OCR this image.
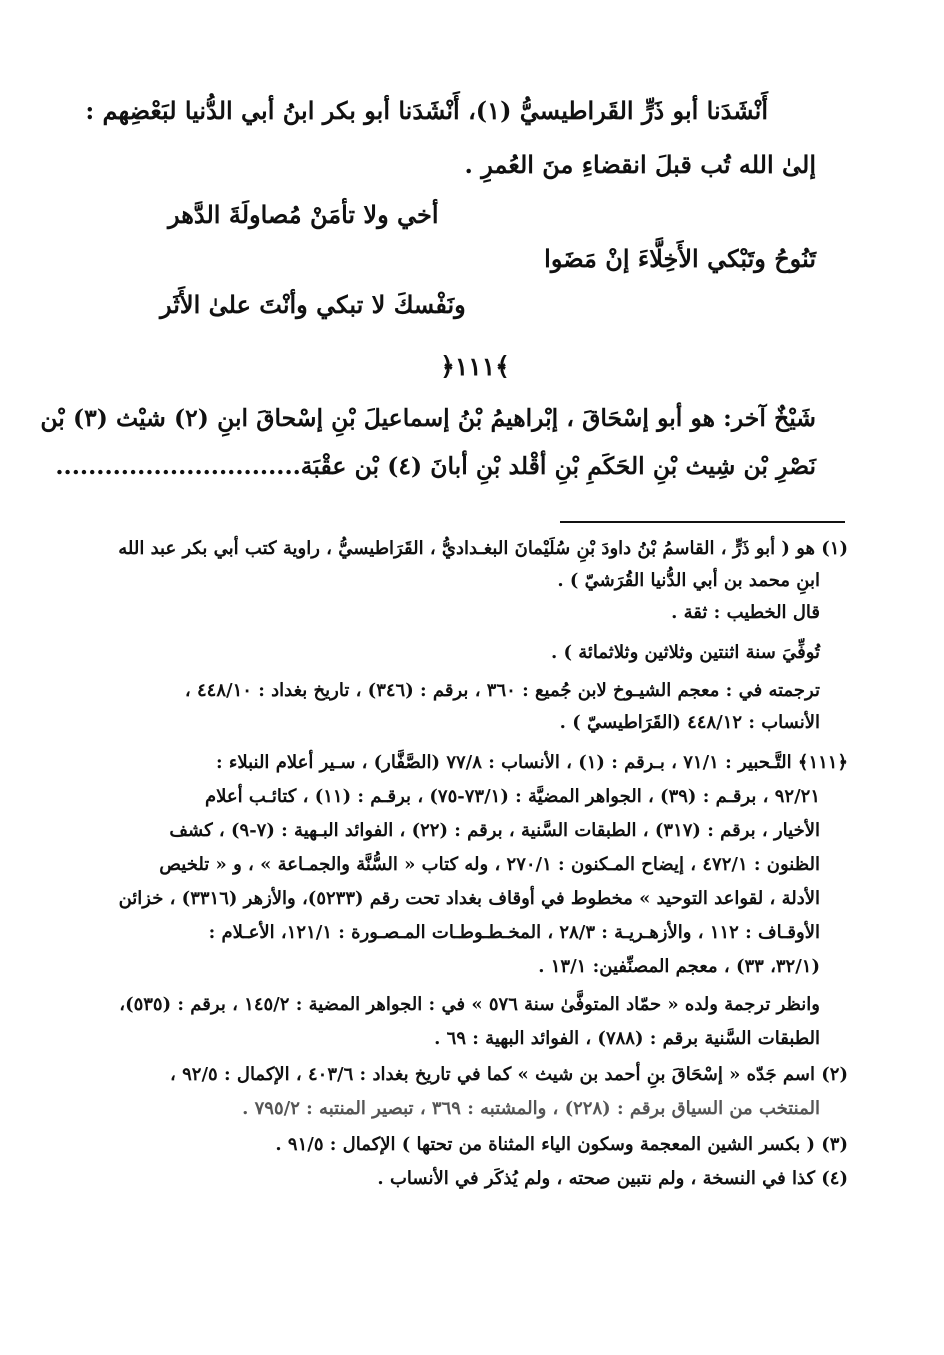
أَنْشَدَنا أبو ذَرٍّ القَراطيسيُّ (١)، أَنْشَدَنا أبو بكر ابنُ أبي الدُّنيا لبَعْضِهم :
إلىٰ الله تُب قبلَ انقضاءِ منَ العُمرِ .
أخي ولا تأمَنْ مُصاولَةَ الدَّهر
تَنُوحُ وتَبْكي الأَخِلَّاءَ إنْ مَضَوا
ونَفْسكَ لا تبكي وأنْتَ علىٰ الأَثَر
﴿١١١﴾
شَيْخٌ آخر: هو أبو إسْحَاقَ ، إبْراهيمُ بْنُ إسماعيلَ بْنِ إسْحاقَ ابنِ (٢) شيْث (٣) بْن
نَصْرِ بْن شِيث بْنِ الحَكَمِ بْنِ أقْلد بْنِ أبانَ (٤) بْن عقْبَة..............................
(١) هو ( أبو ذَرٍّ ، القاسمُ بْنُ داودَ بْنِ سُلَيْمانَ البغـداديُّ ، القَرَاطيسيُّ ، راوية كتب أبي بكر عبد الله
ابنِ محمد بن أبي الدُّنيا القُرَشيّ ) .
قال الخطيب : ثقة .
تُوفِّيَ سنة اثنتين وثلاثين وثلاثمائة ) .
ترجمته في : معجم الشيـوخ لابن جُميع : ٣٦٠ ، برقم : (٣٤٦) ، تاريخ بغداد : ٤٤٨/١٠ ،
الأنساب : ٤٤٨/١٢ (القَرَاطيسيّ ) .
﴿١١١﴾ التَّـحبير : ٧١/١ ، بـرقم : (١) ، الأنساب : ٧٧/٨ (الصَّفَّار) ، سـير أعلام النبلاء :
٩٢/٢١ ، برقـم : (٣٩) ، الجواهر المضيَّة : (٧٣/١-٧٥) ، برقـم : (١١) ، كتائـب أعلام
الأخيار ، برقم : (٣١٧) ، الطبقات السَّنية ، برقم : (٢٢) ، الفوائد البـهية : (٧-٩) ، كشف
الظنون : ٤٧٢/١ ، إيضاح المـكنون : ٢٧٠/١ ، وله كتاب « السُّنَّة والجمـاعة » ، و « تلخيص
الأدلة ، لقواعد التوحيد » مخطوط في أوقاف بغداد تحت رقم (٥٢٣٣)، والأزهر (٣٣١٦) ، خزائن
الأوقـاف : ١١٢ ، والأزهـريـة : ٢٨/٣ ، المخـطـوطـات المـصـورة : ١٢١/١، الأعـلام :
(٣٢/١، ٣٣) ، معجم المصنِّفين: ١٣/١ .
وانظر ترجمة ولده « حمّاد المتوفَّىٰ سنة ٥٧٦ » في : الجواهر المضية : ١٤٥/٢ ، برقم : (٥٣٥)،
الطبقات السَّنية برقم : (٧٨٨) ، الفوائد البهية : ٦٩ .
(٢) اسم جَدّه « إسْحَاقَ بنِ أحمد بن شيث » كما في تاريخ بغداد : ٤٠٣/٦ ، الإكمال : ٩٢/٥ ،
المنتخب من السياق برقم : (٢٢٨) ، والمشتبه : ٣٦٩ ، تبصير المنتبه : ٧٩٥/٢ .
(٣) ( بكسر الشين المعجمة وسكون الياء المثناة من تحتها ) الإكمال : ٩١/٥ .
(٤) كذا في النسخة ، ولم نتبين صحته ، ولم يُذكَر في الأنساب .
